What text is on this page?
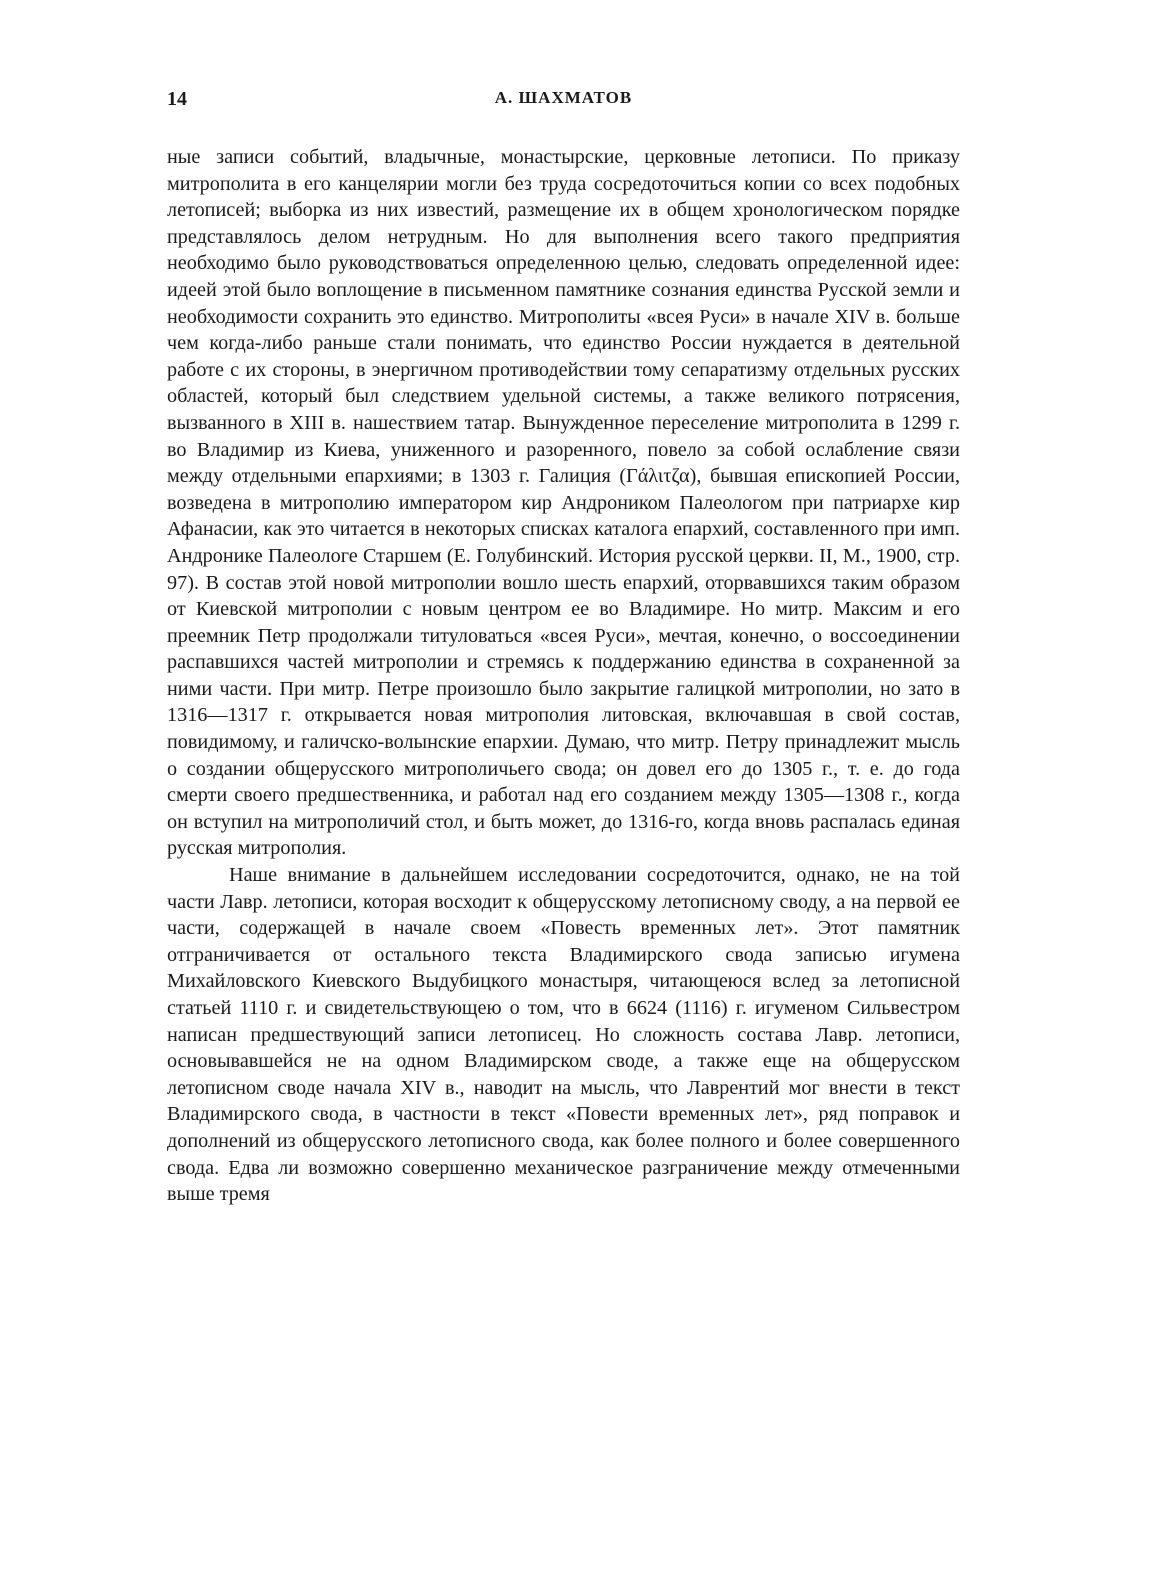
14	А. ШАХМАТОВ

ные записи событий, владычные, монастырские, церковные летописи. По приказу митрополита в его канцелярии могли без труда сосредоточиться копии со всех подобных летописей; выборка из них известий, размещение их в общем хронологическом порядке представлялось делом нетрудным. Но для выполнения всего такого предприятия необходимо было руководствоваться определенною целью, следовать определенной идее: идеей этой было воплощение в письменном памятнике сознания единства Русской земли и необходимости сохранить это единство. Митрополиты «всея Руси» в начале XIV в. больше чем когда-либо раньше стали понимать, что единство России нуждается в деятельной работе с их стороны, в энергичном противодействии тому сепаратизму отдельных русских областей, который был следствием удельной системы, а также великого потрясения, вызванного в XIII в. нашествием татар. Вынужденное переселение митрополита в 1299 г. во Владимир из Киева, униженного и разоренного, повело за собой ослабление связи между отдельными епархиями; в 1303 г. Галиция (Γάλιτζα), бывшая епископией России, возведена в митрополию императором кир Андроником Палеологом при патриархе кир Афанасии, как это читается в некоторых списках каталога епархий, составленного при имп. Андронике Палеологе Старшем (Е. Голубинский. История русской церкви. II, М., 1900, стр. 97). В состав этой новой митрополии вошло шесть епархий, оторвавшихся таким образом от Киевской митрополии с новым центром ее во Владимире. Но митр. Максим и его преемник Петр продолжали титуловаться «всея Руси», мечтая, конечно, о воссоединении распавшихся частей митрополии и стремясь к поддержанию единства в сохраненной за ними части. При митр. Петре произошло было закрытие галицкой митрополии, но зато в 1316—1317 г. открывается новая митрополия литовская, включавшая в свой состав, повидимому, и галичско-волынские епархии. Думаю, что митр. Петру принадлежит мысль о создании общерусского митрополичьего свода; он довел его до 1305 г., т. е. до года смерти своего предшественника, и работал над его созданием между 1305—1308 г., когда он вступил на митрополичий стол, и быть может, до 1316-го, когда вновь распалась единая русская митрополия.

Наше внимание в дальнейшем исследовании сосредоточится, однако, не на той части Лавр. летописи, которая восходит к общерусскому летописному своду, а на первой ее части, содержащей в начале своем «Повесть временных лет». Этот памятник отграничивается от остального текста Владимирского свода записью игумена Михайловского Киевского Выдубицкого монастыря, читающеюся вслед за летописной статьей 1110 г. и свидетельствующею о том, что в 6624 (1116) г. игуменом Сильвестром написан предшествующий записи летописец. Но сложность состава Лавр. летописи, основывавшейся не на одном Владимирском своде, а также еще на общерусском летописном своде начала XIV в., наводит на мысль, что Лаврентий мог внести в текст Владимирского свода, в частности в текст «Повести временных лет», ряд поправок и дополнений из общерусского летописного свода, как более полного и более совершенного свода. Едва ли возможно совершенно механическое разграничение между отмеченными выше тремя
